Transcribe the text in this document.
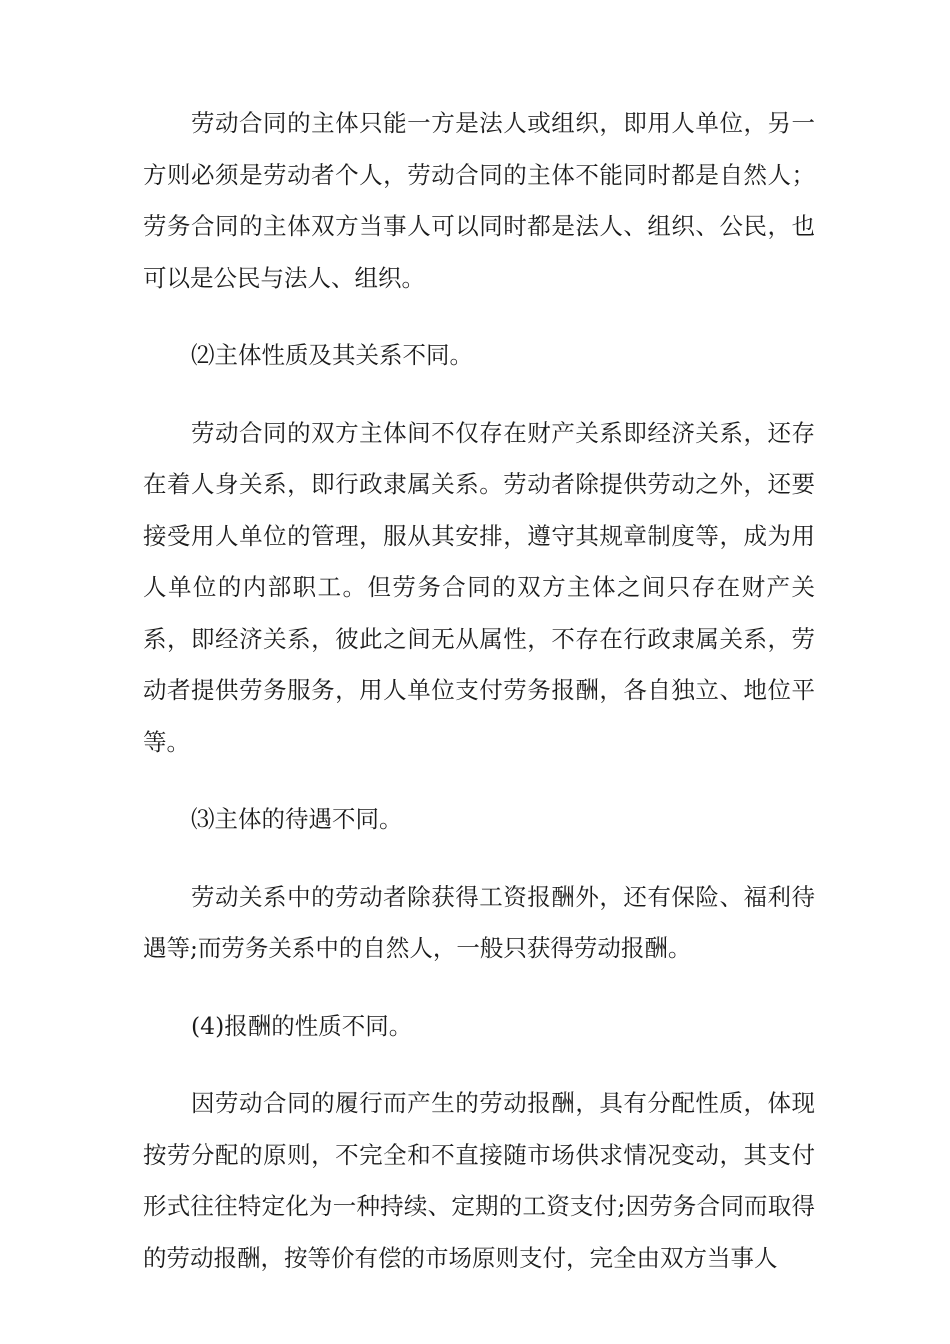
劳动合同的主体只能一方是法人或组织，即用人单位，另一方则必须是劳动者个人，劳动合同的主体不能同时都是自然人；劳务合同的主体双方当事人可以同时都是法人、组织、公民，也可以是公民与法人、组织。

⑵主体性质及其关系不同。

劳动合同的双方主体间不仅存在财产关系即经济关系，还存在着人身关系，即行政隶属关系。劳动者除提供劳动之外，还要接受用人单位的管理，服从其安排，遵守其规章制度等，成为用人单位的内部职工。但劳务合同的双方主体之间只存在财产关系，即经济关系，彼此之间无从属性，不存在行政隶属关系，劳动者提供劳务服务，用人单位支付劳务报酬，各自独立、地位平等。

⑶主体的待遇不同。

劳动关系中的劳动者除获得工资报酬外，还有保险、福利待遇等;而劳务关系中的自然人，一般只获得劳动报酬。

(4)报酬的性质不同。

因劳动合同的履行而产生的劳动报酬，具有分配性质，体现按劳分配的原则，不完全和不直接随市场供求情况变动，其支付形式往往特定化为一种持续、定期的工资支付;因劳务合同而取得的劳动报酬，按等价有偿的市场原则支付，完全由双方当事人
